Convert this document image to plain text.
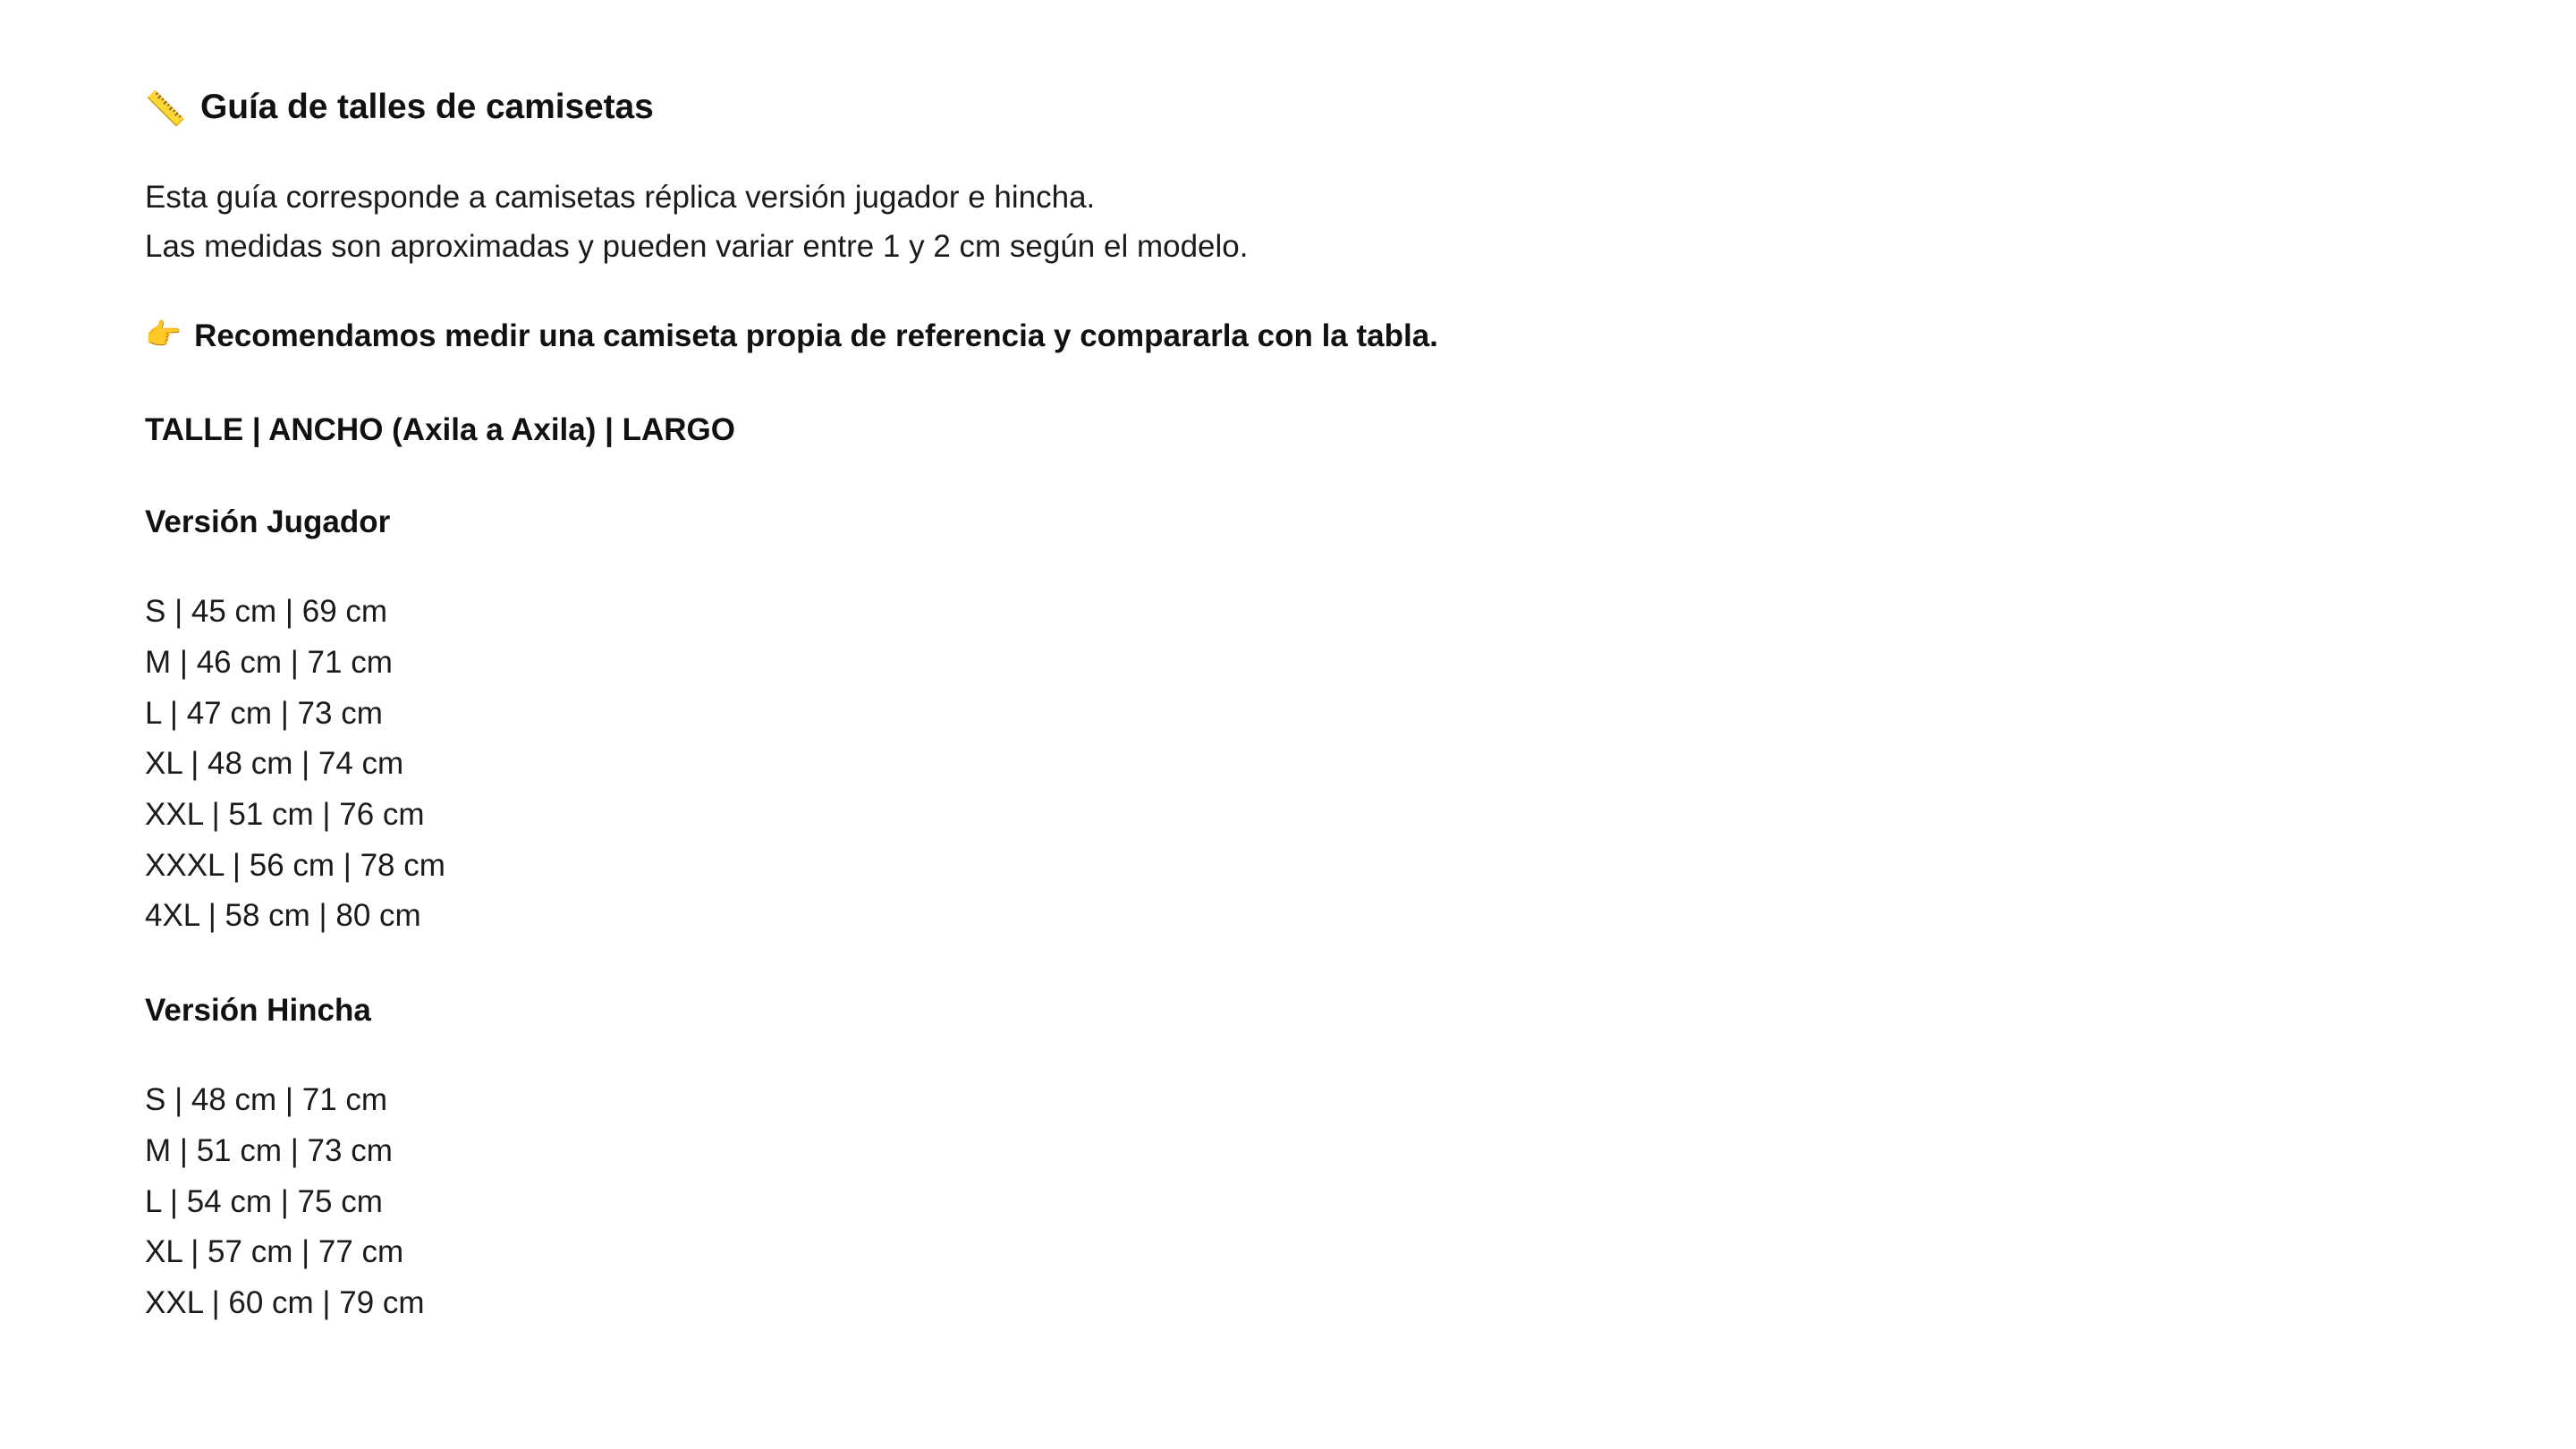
📏 Guía de talles de camisetas

Esta guía corresponde a camisetas réplica versión jugador e hincha.
Las medidas son aproximadas y pueden variar entre 1 y 2 cm según el modelo.

👉 Recomendamos medir una camiseta propia de referencia y compararla con la tabla.

TALLE | ANCHO (Axila a Axila) | LARGO

Versión Jugador
S | 45 cm | 69 cm
M | 46 cm | 71 cm
L | 47 cm | 73 cm
XL | 48 cm | 74 cm
XXL | 51 cm | 76 cm
XXXL | 56 cm | 78 cm
4XL | 58 cm | 80 cm
Versión Hincha
S | 48 cm | 71 cm
M | 51 cm | 73 cm
L | 54 cm | 75 cm
XL | 57 cm | 77 cm
XXL | 60 cm | 79 cm
